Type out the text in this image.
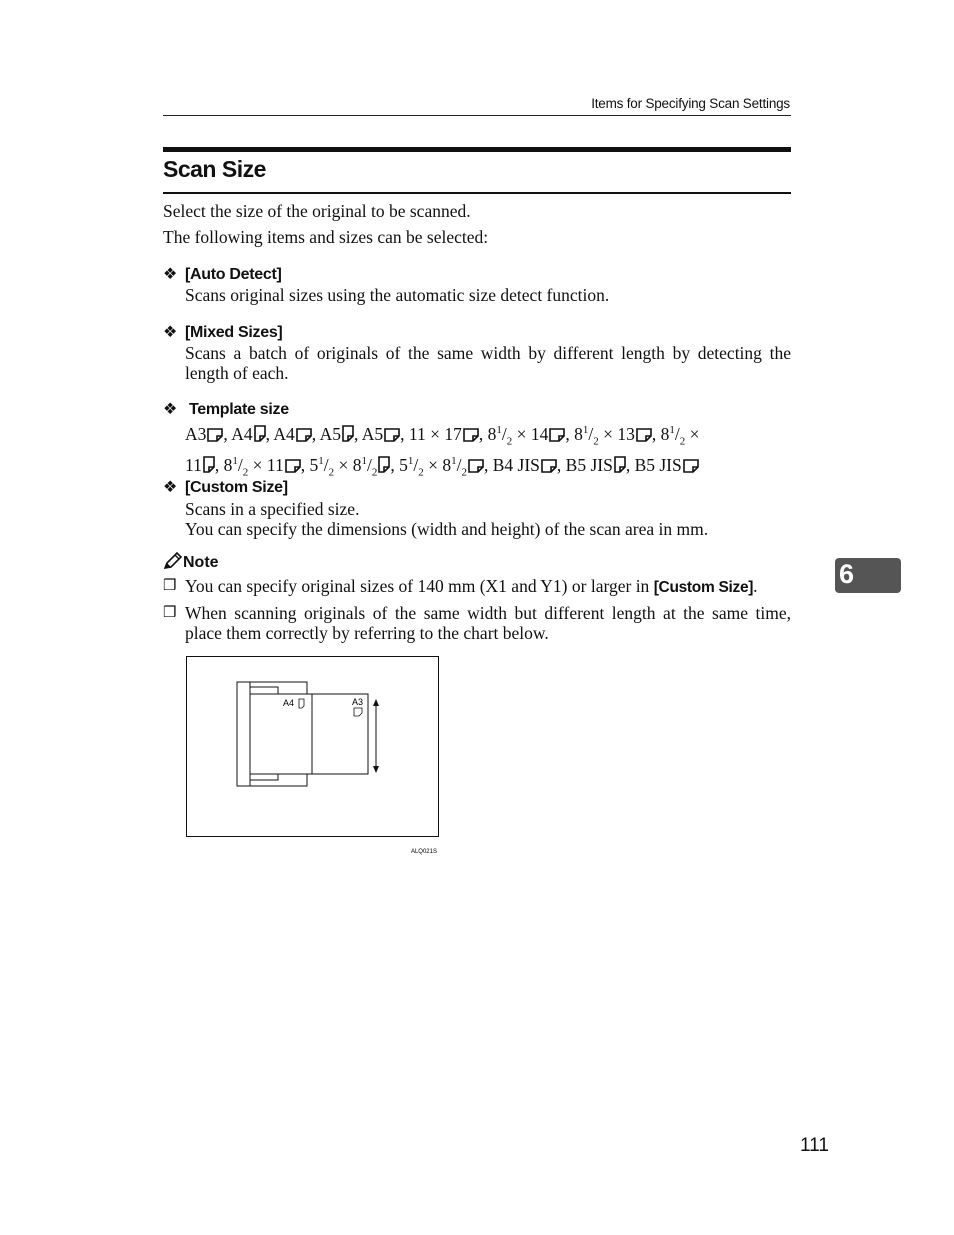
Items for Specifying Scan Settings
Scan Size
Select the size of the original to be scanned.
The following items and sizes can be selected:
❖ [Auto Detect]
Scans original sizes using the automatic size detect function.
❖ [Mixed Sizes]
Scans a batch of originals of the same width by different length by detecting the length of each.
❖ Template size
A3 , A4 , A4 , A5 , A5 , 11 × 17 , $8^1/_2 \times 14$ , $8^1/_2 \times 13$ , $8^1/_2$ ×
11 , $8^1/_2 \times 11$ , $5^1/_2 \times 8^1/_2$ , $5^1/_2 \times 8^1/_2$ , B4 JIS , B5 JIS , B5 JIS
❖ [Custom Size]
Scans in a specified size.
You can specify the dimensions (width and height) of the scan area in mm.
Note
❒ You can specify original sizes of 140 mm (X1 and Y1) or larger in [Custom Size].
❒ When scanning originals of the same width but different length at the same time, place them correctly by referring to the chart below.
6
A4	A3
ALQ021S
111
